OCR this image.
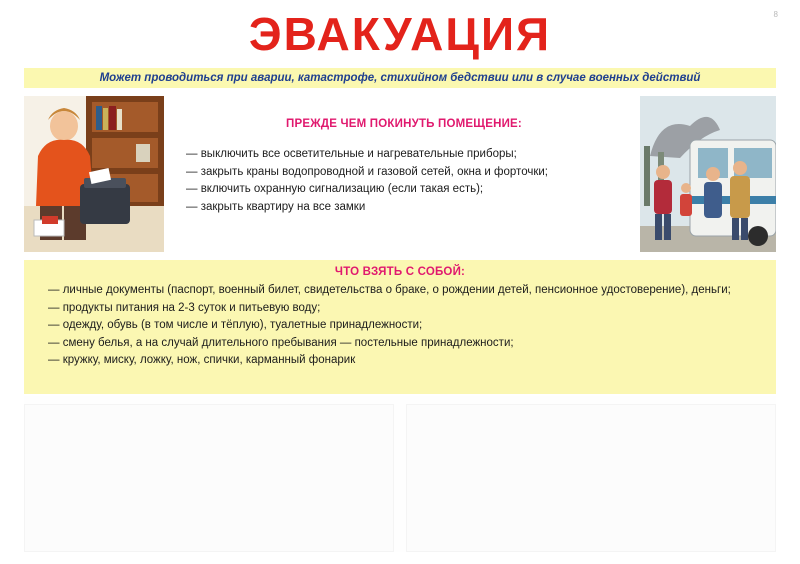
8
ЭВАКУАЦИЯ
Может проводиться при аварии, катастрофе, стихийном бедствии или в случае военных действий
ПРЕЖДЕ ЧЕМ ПОКИНУТЬ ПОМЕЩЕНИЕ:
— выключить все осветительные и нагревательные приборы;
— закрыть краны водопроводной и газовой сетей, окна и форточки;
— включить охранную сигнализацию (если такая есть);
— закрыть квартиру на все замки
ЧТО ВЗЯТЬ С СОБОЙ:
— личные документы (паспорт, военный билет, свидетельства о браке, о рождении детей, пенсионное удостоверение), деньги;
— продукты питания на 2-3 суток и питьевую воду;
— одежду, обувь (в том числе и тёплую), туалетные принадлежности;
— смену белья, а на случай длительного пребывания — постельные принадлежности;
— кружку, миску, ложку, нож, спички, карманный фонарик
